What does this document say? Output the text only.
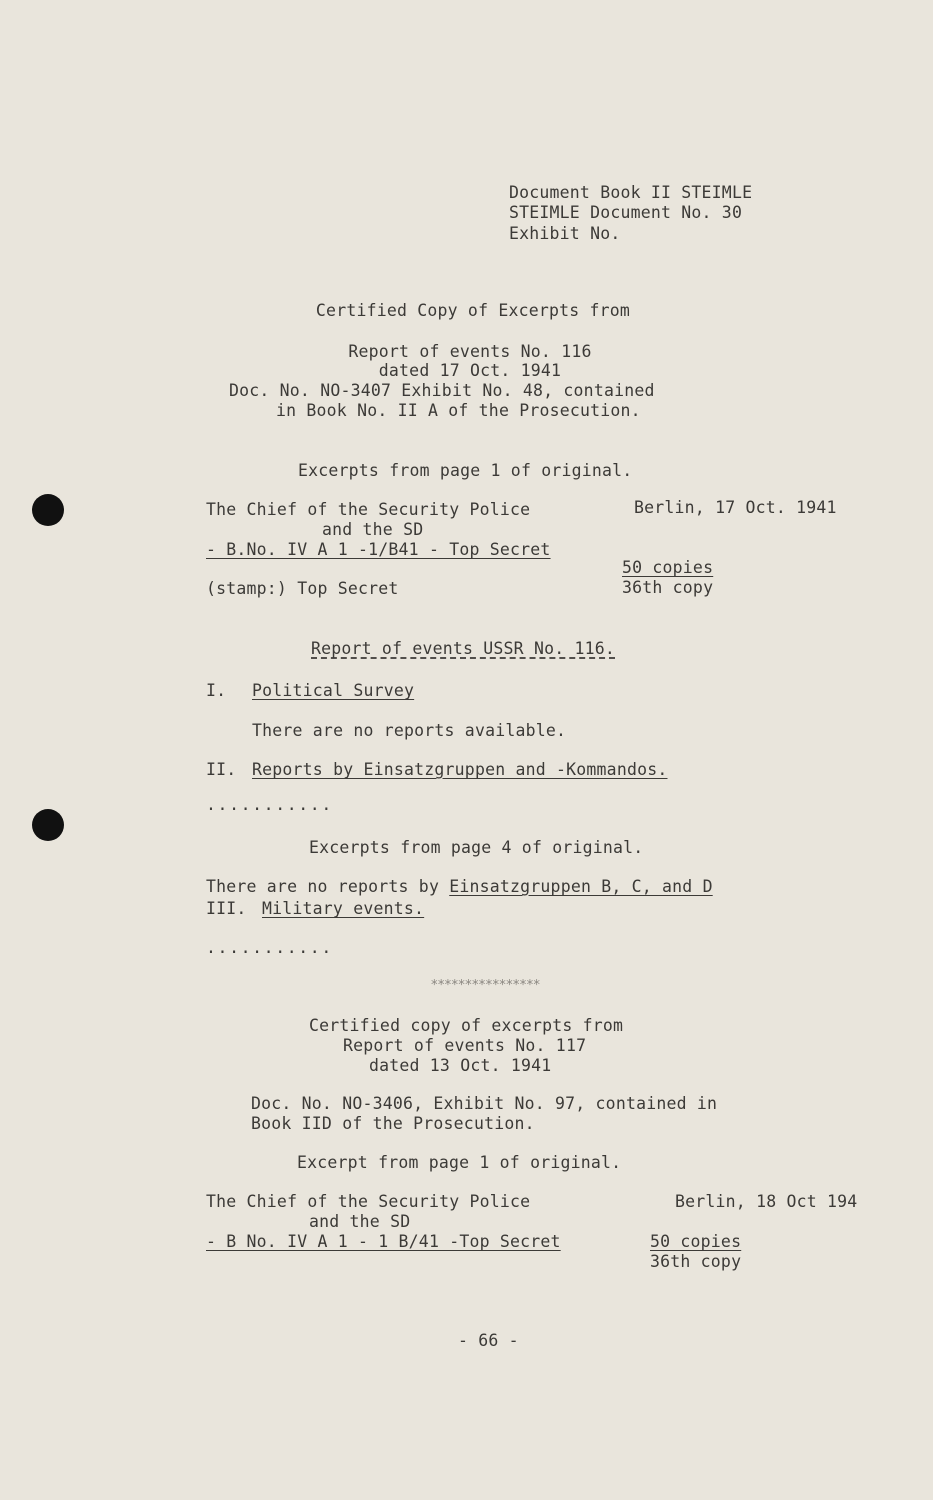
Document Book II STEIMLE
STEIMLE Document No. 30
Exhibit No.
Certified Copy of Excerpts from
Report of events No. 116
dated 17 Oct. 1941
Doc. No. NO-3407 Exhibit No. 48, contained
in Book No. II A of the Prosecution.
Excerpts from page 1 of original.
The Chief of the Security Police	Berlin, 17 Oct. 1941
and the SD
- B.No. IV A 1 -1/B41 - Top Secret
50 copies
36th copy
(stamp:) Top Secret
Report of events USSR No. 116.
I. Political Survey
There are no reports available.
II. Reports by Einsatzgruppen and -Kommandos.
...........
Excerpts from page 4 of original.
There are no reports by Einsatzgruppen B, C, and D
III. Military events.
...........
****************
Certified copy of excerpts from
Report of events No. 117
dated 13 Oct. 1941
Doc. No. NO-3406, Exhibit No. 97, contained in
Book IID of the Prosecution.
Excerpt from page 1 of original.
The Chief of the Security Police	Berlin, 18 Oct 194
and the SD
- B No. IV A 1 - 1 B/41 -Top Secret	50 copies
36th copy
- 66 -
